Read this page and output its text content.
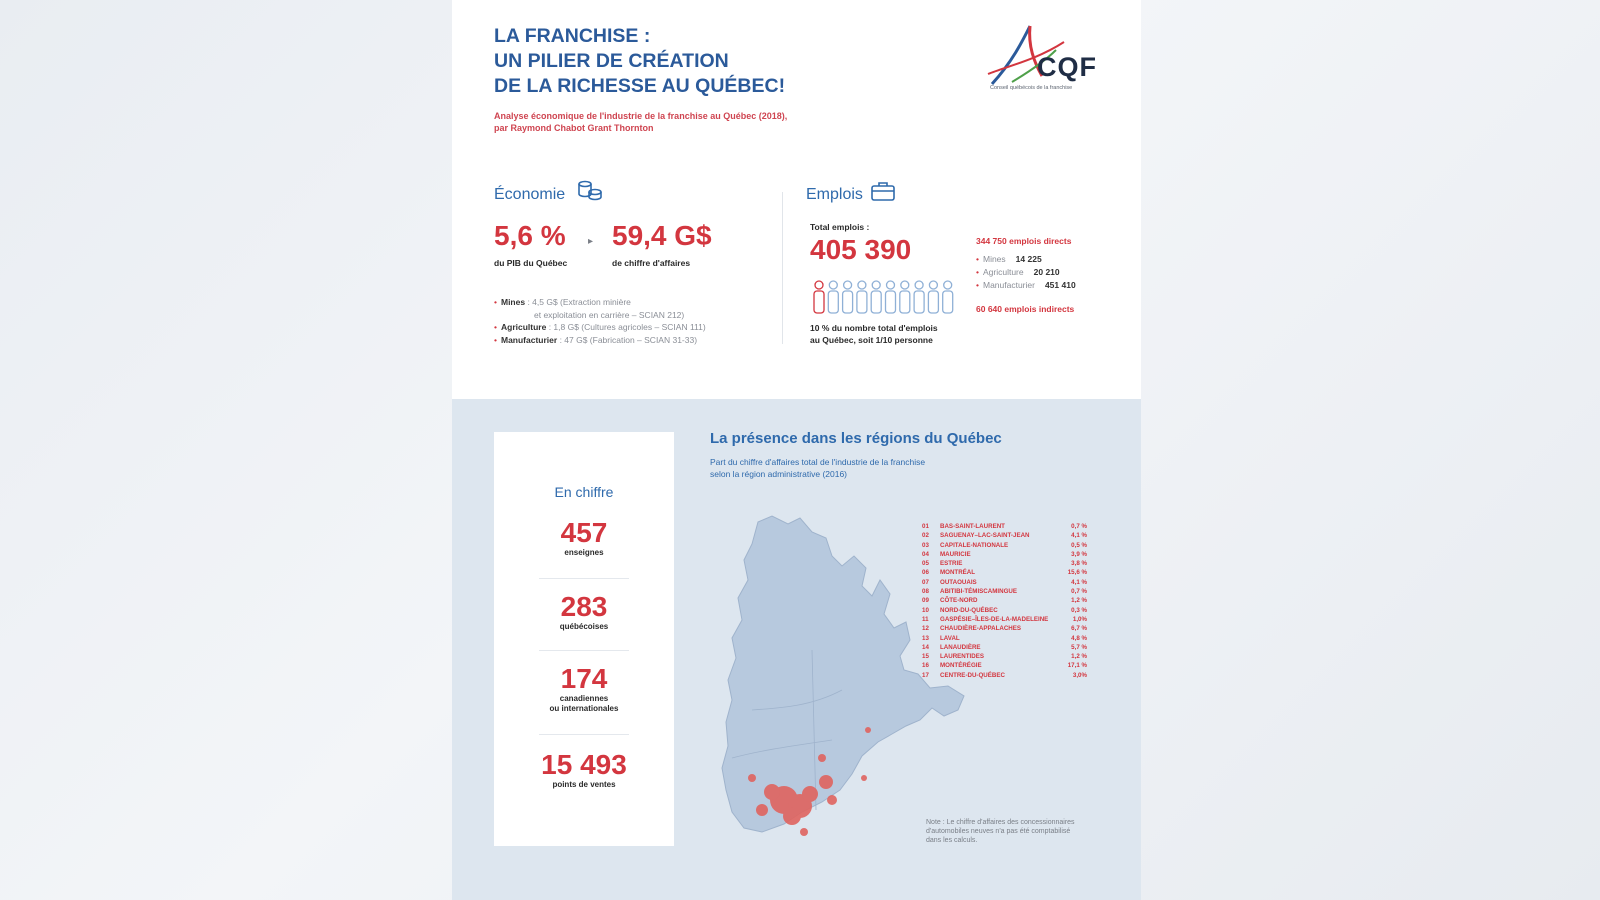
LA FRANCHISE :
UN PILIER DE CRÉATION
DE LA RICHESSE AU QUÉBEC!
Analyse économique de l'industrie de la franchise au Québec (2018),
par Raymond Chabot Grant Thornton
CQF
Conseil québécois de la franchise
Économie
5,6 %
du PIB du Québec
▸ 59,4 G$
de chiffre d'affaires
• Mines : 4,5 G$ (Extraction minière
et exploitation en carrière – SCIAN 212)
• Agriculture : 1,8 G$ (Cultures agricoles – SCIAN 111)
• Manufacturier : 47 G$ (Fabrication – SCIAN 31-33)
Emplois
Total emplois :
405 390
10 % du nombre total d'emplois
au Québec, soit 1/10 personne
344 750 emplois directs
• Mines 14 225
• Agriculture 20 210
• Manufacturier 451 410
60 640 emplois indirects
En chiffre
457
enseignes
283
québécoises
174
canadiennes
ou internationales
15 493
points de ventes
La présence dans les régions du Québec
Part du chiffre d'affaires total de l'industrie de la franchise
selon la région administrative (2016)
01 BAS-SAINT-LAURENT	0,7 %
02 SAGUENAY–LAC-SAINT-JEAN	4,1 %
03 CAPITALE-NATIONALE	0,5 %
04 MAURICIE	3,9 %
05 ESTRIE	3,8 %
06 MONTRÉAL	15,6 %
07 OUTAOUAIS	4,1 %
08 ABITIBI-TÉMISCAMINGUE	0,7 %
09 CÔTE-NORD	1,2 %
10 NORD-DU-QUÉBEC	0,3 %
11 GASPÉSIE–ÎLES-DE-LA-MADELEINE	1,0%
12 CHAUDIÈRE-APPALACHES	6,7 %
13 LAVAL	4,8 %
14 LANAUDIÈRE	5,7 %
15 LAURENTIDES	1,2 %
16 MONTÉRÉGIE	17,1 %
17 CENTRE-DU-QUÉBEC	3,0%
Note : Le chiffre d'affaires des concessionnaires
d'automobiles neuves n'a pas été comptabilisé
dans les calculs.
